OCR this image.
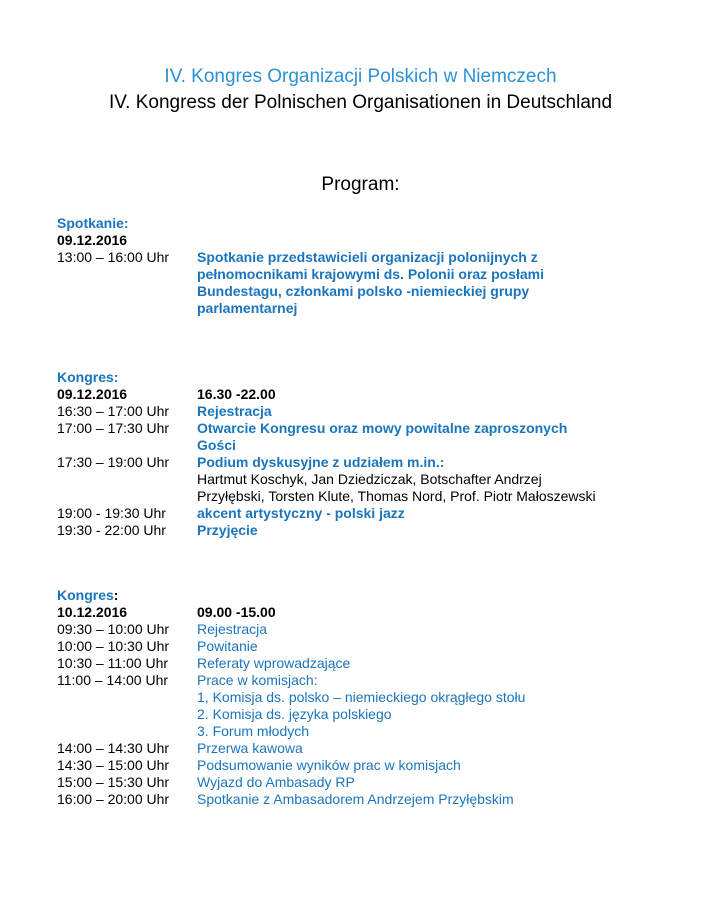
IV. Kongres Organizacji Polskich w Niemczech
IV. Kongress der Polnischen Organisationen in Deutschland
Program:
Spotkanie:
09.12.2016
13:00 – 16:00 Uhr	Spotkanie przedstawicieli organizacji polonijnych z
pełnomocnikami krajowymi ds. Polonii oraz posłami
Bundestagu, członkami polsko -niemieckiej grupy
parlamentarnej
Kongres:
09.12.2016	16.30 -22.00
16:30 – 17:00 Uhr	Rejestracja
17:00 – 17:30 Uhr	Otwarcie Kongresu oraz mowy powitalne zaproszonych
Gości
17:30 – 19:00 Uhr	Podium dyskusyjne z udziałem m.in.:
Hartmut Koschyk, Jan Dziedziczak, Botschafter Andrzej
Przyłębski, Torsten Klute, Thomas Nord, Prof. Piotr Małoszewski
19:00 - 19:30 Uhr	akcent artystyczny - polski jazz
19:30 - 22:00 Uhr	Przyjęcie
Kongres:
10.12.2016	09.00 -15.00
09:30 – 10:00 Uhr	Rejestracja
10:00 – 10:30 Uhr	Powitanie
10:30 – 11:00 Uhr	Referaty wprowadzające
11:00 – 14:00 Uhr	Prace w komisjach:
1, Komisja ds. polsko – niemieckiego okrągłego stołu
2. Komisja ds. języka polskiego
3. Forum młodych
14:00 – 14:30 Uhr	Przerwa kawowa
14:30 – 15:00 Uhr	Podsumowanie wyników prac w komisjach
15:00 – 15:30 Uhr	Wyjazd do Ambasady RP
16:00 – 20:00 Uhr	Spotkanie z Ambasadorem Andrzejem Przyłębskim
